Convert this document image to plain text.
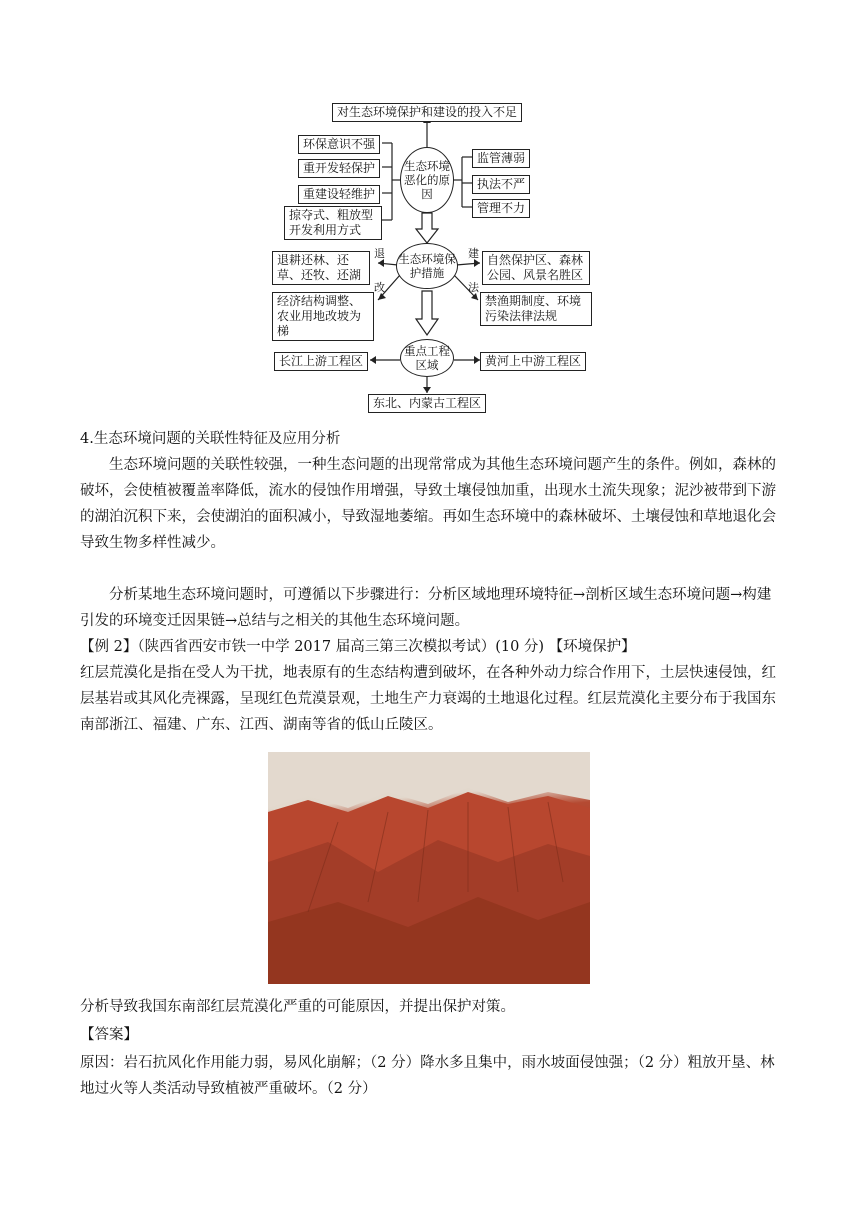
对生态环境保护和建设的投入不足
生态环境恶化的原因
环保意识不强
重开发轻保护
重建设轻维护
掠夺式、粗放型开发利用方式
监管薄弱
执法不严
管理不力
生态环境保护措施
退耕还林、还草、还牧、还湖
经济结构调整、农业用地改坡为梯
自然保护区、森林公园、风景名胜区
禁渔期制度、环境污染法律法规
退
改
建
法
重点工程区域
长江上游工程区	黄河上中游工程区
东北、内蒙古工程区
4.生态环境问题的关联性特征及应用分析
生态环境问题的关联性较强，一种生态问题的出现常常成为其他生态环境问题产生的条件。例如，森林的破坏，会使植被覆盖率降低，流水的侵蚀作用增强，导致土壤侵蚀加重，出现水土流失现象；泥沙被带到下游的湖泊沉积下来，会使湖泊的面积减小，导致湿地萎缩。再如生态环境中的森林破坏、土壤侵蚀和草地退化会导致生物多样性减少。
分析某地生态环境问题时，可遵循以下步骤进行：分析区域地理环境特征→剖析区域生态环境问题→构建引发的环境变迁因果链→总结与之相关的其他生态环境问题。
【例 2】（陕西省西安市铁一中学 2017 届高三第三次模拟考试）(10 分) 【环境保护】
红层荒漠化是指在受人为干扰，地表原有的生态结构遭到破坏，在各种外动力综合作用下，土层快速侵蚀，红层基岩或其风化壳裸露，呈现红色荒漠景观，土地生产力衰竭的土地退化过程。红层荒漠化主要分布于我国东南部浙江、福建、广东、江西、湖南等省的低山丘陵区。
分析导致我国东南部红层荒漠化严重的可能原因，并提出保护对策。
【答案】
原因：岩石抗风化作用能力弱，易风化崩解；（2 分）降水多且集中，雨水坡面侵蚀强；（2 分）粗放开垦、林地过火等人类活动导致植被严重破坏。（2 分）
